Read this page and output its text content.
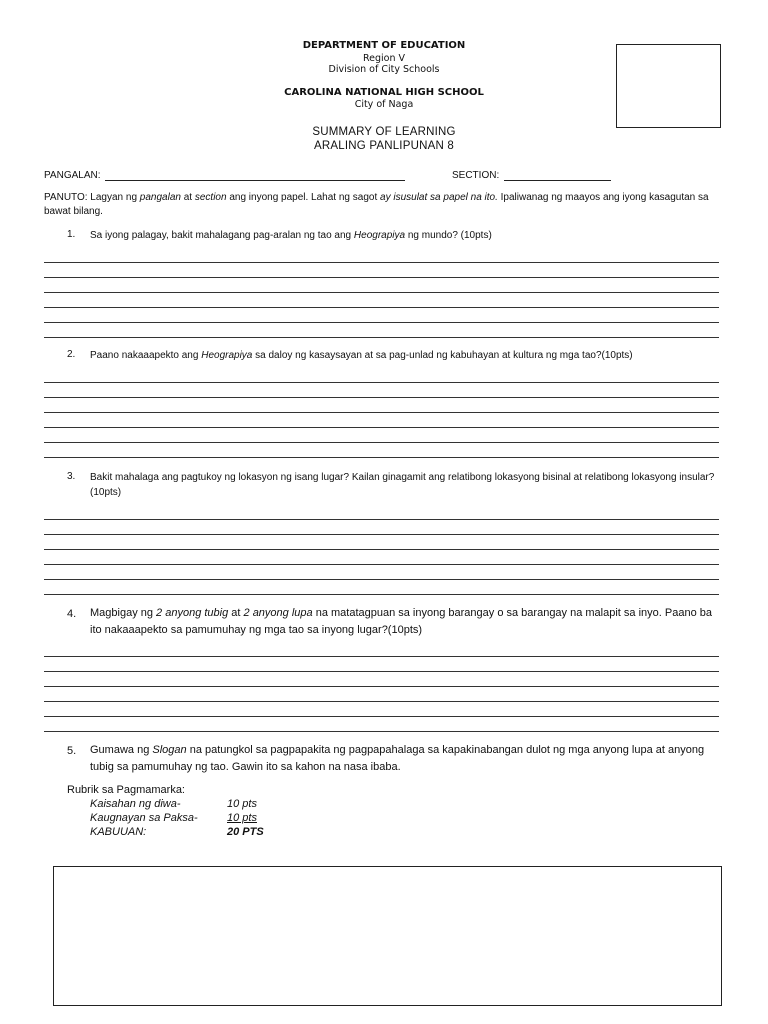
DEPARTMENT OF EDUCATION
Region V
Division of City Schools
CAROLINA NATIONAL HIGH SCHOOL
City of Naga
SUMMARY OF LEARNING
ARALING PANLIPUNAN 8
PANGALAN:	SECTION:
PANUTO: Lagyan ng pangalan at section ang inyong papel. Lahat ng sagot ay isusulat sa papel na ito. Ipaliwanag ng maayos ang iyong kasagutan sa bawat bilang.
1. Sa iyong palagay, bakit mahalagang pag-aralan ng tao ang Heograpiya ng mundo? (10pts)
2. Paano nakaaapekto ang Heograpiya sa daloy ng kasaysayan at sa pag-unlad ng kabuhayan at kultura ng mga tao?(10pts)
3. Bakit mahalaga ang pagtukoy ng lokasyon ng isang lugar? Kailan ginagamit ang relatibong lokasyong bisinal at relatibong lokasyong insular?(10pts)
4. Magbigay ng 2 anyong tubig at 2 anyong lupa na matatagpuan sa inyong barangay o sa barangay na malapit sa inyo. Paano ba ito nakaaapekto sa pamumuhay ng mga tao sa inyong lugar?(10pts)
5. Gumawa ng Slogan na patungkol sa pagpapakita ng pagpapahalaga sa kapakinabangan dulot ng mga anyong lupa at anyong tubig sa pamumuhay ng tao. Gawin ito sa kahon na nasa ibaba.
Rubrik sa Pagmamarka:
Kaisahan ng diwa-	10 pts
Kaugnayan sa Paksa-	10 pts
KABUUAN:	20 PTS
